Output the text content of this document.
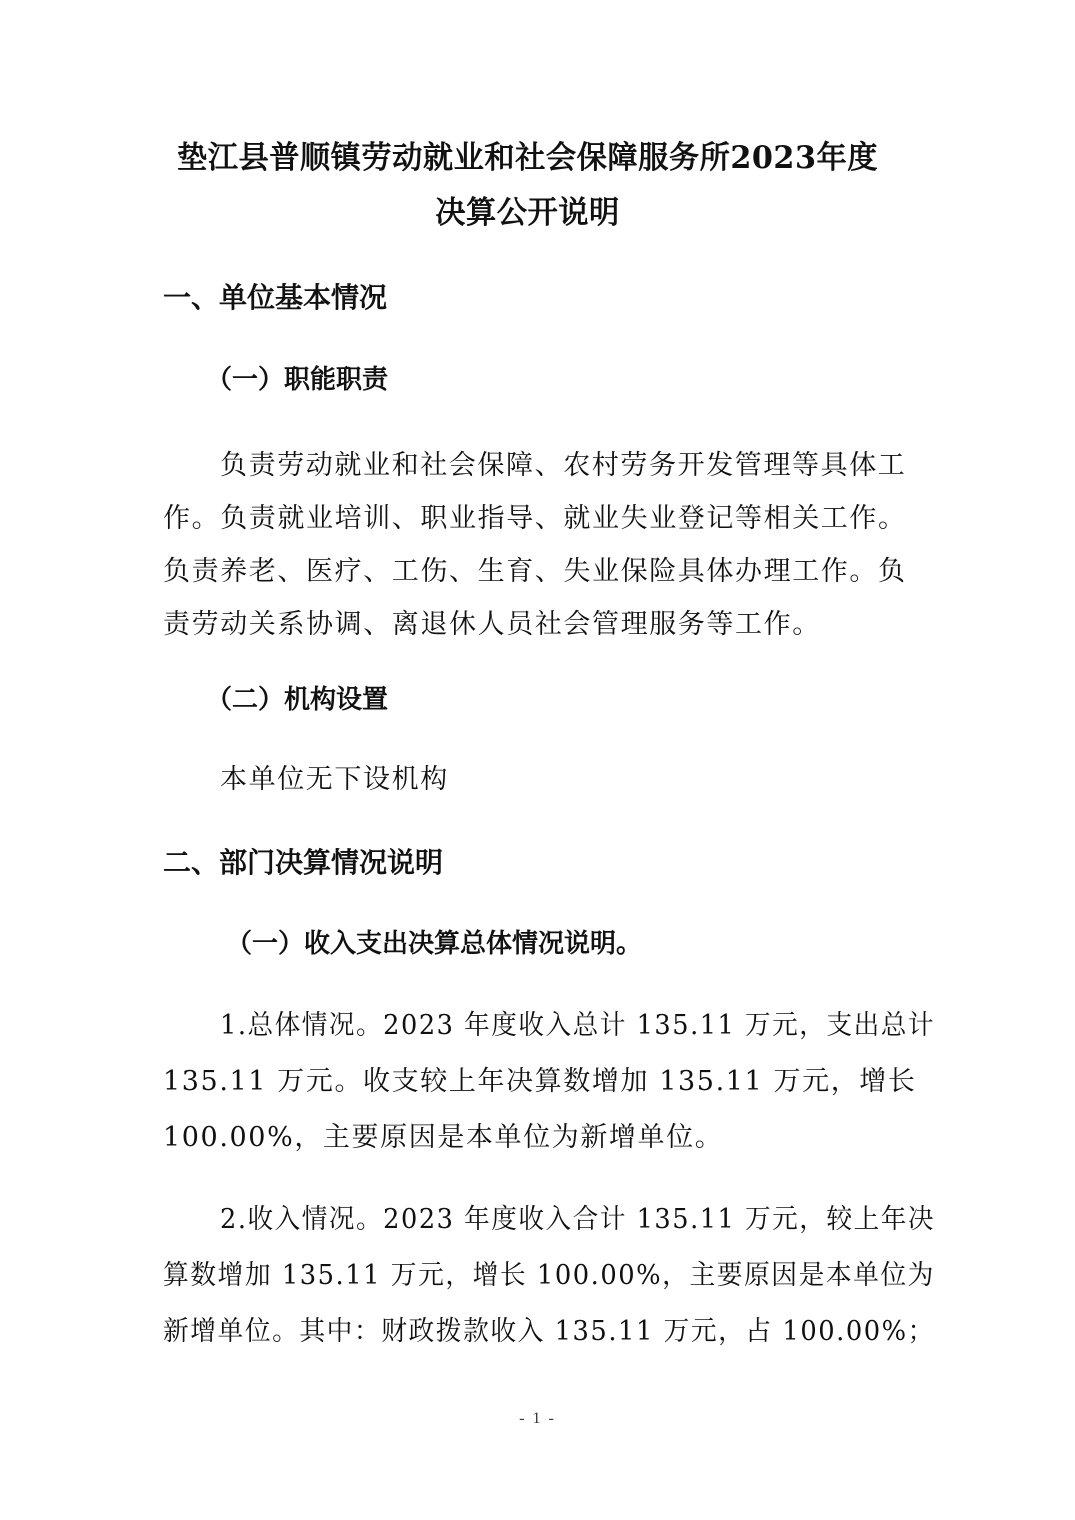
垫江县普顺镇劳动就业和社会保障服务所2023年度
决算公开说明
一、单位基本情况
（一）职能职责
负责劳动就业和社会保障、农村劳务开发管理等具体工
作。负责就业培训、职业指导、就业失业登记等相关工作。
负责养老、医疗、工伤、生育、失业保险具体办理工作。负
责劳动关系协调、离退休人员社会管理服务等工作。
（二）机构设置
本单位无下设机构
二、部门决算情况说明
（一）收入支出决算总体情况说明。
1.总体情况。2023 年度收入总计 135.11 万元，支出总计
135.11 万元。收支较上年决算数增加 135.11 万元，增长
100.00%，主要原因是本单位为新增单位。
2.收入情况。2023 年度收入合计 135.11 万元，较上年决
算数增加 135.11 万元，增长 100.00%，主要原因是本单位为
新增单位。其中：财政拨款收入 135.11 万元，占 100.00%；
- 1 -
